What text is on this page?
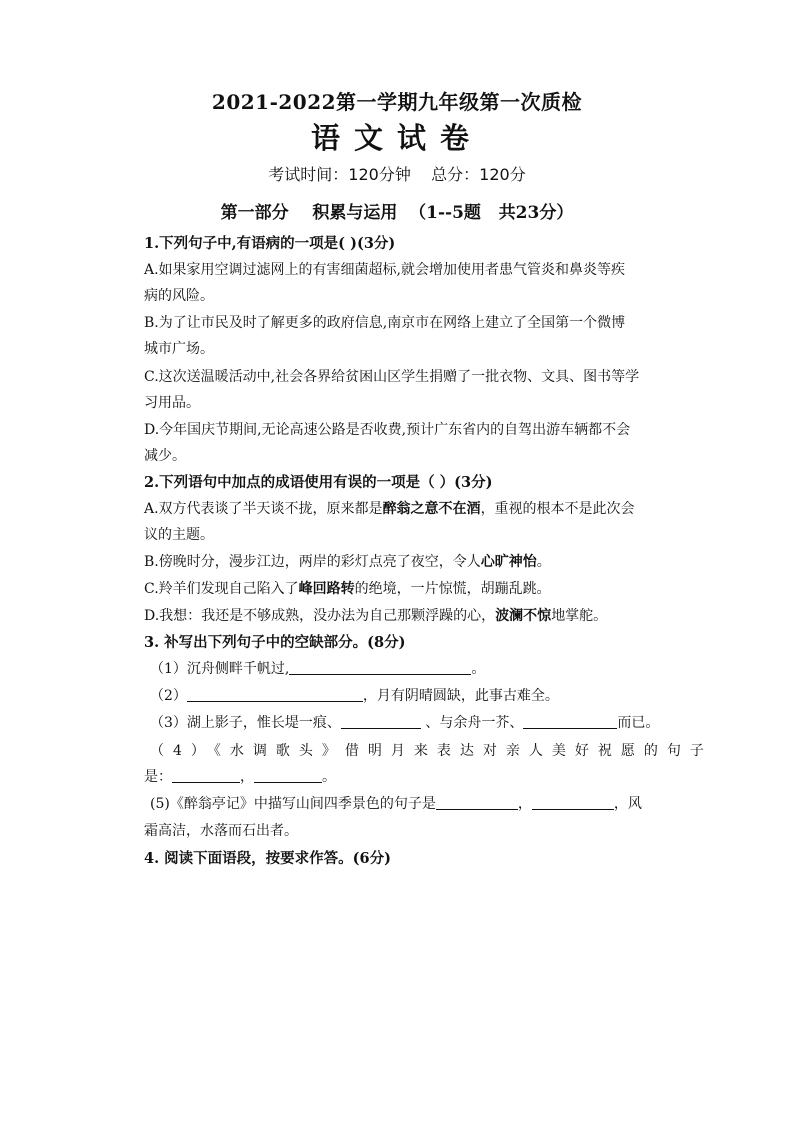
2021-2022第一学期九年级第一次质检
语文试卷
考试时间：120分钟    总分：120分
第一部分    积累与运用  （1--5题   共23分）
1.下列句子中,有语病的一项是( )(3分)
A.如果家用空调过滤网上的有害细菌超标,就会增加使用者患气管炎和鼻炎等疾
病的风险。
B.为了让市民及时了解更多的政府信息,南京市在网络上建立了全国第一个微博
城市广场。
C.这次送温暖活动中,社会各界给贫困山区学生捐赠了一批衣物、文具、图书等学
习用品。
D.今年国庆节期间,无论高速公路是否收费,预计广东省内的自驾出游车辆都不会
减少。
2.下列语句中加点的成语使用有误的一项是（ ）(3分)
A.双方代表谈了半天谈不拢，原来都是醉翁之意不在酒，重视的根本不是此次会
议的主题。
B.傍晚时分，漫步江边，两岸的彩灯点亮了夜空，令人心旷神怡。
C.羚羊们发现自己陷入了峰回路转的绝境，一片惊慌，胡蹦乱跳。
D.我想：我还是不够成熟，没办法为自己那颗浮躁的心，波澜不惊地掌舵。
3. 补写出下列句子中的空缺部分。(8分)
（1）沉舟侧畔千帆过,	。
（2）	，月有阴晴圆缺，此事古难全。
（3）湖上影子，惟长堤一痕、	、与余舟一芥、	而已。
（4）《水调歌头》借明月来表达对亲人美好祝愿的句子
是：	，	。
(5)《醉翁亭记》中描写山间四季景色的句子是	，	，风
霜高洁，水落而石出者。
4. 阅读下面语段，按要求作答。(6分)
